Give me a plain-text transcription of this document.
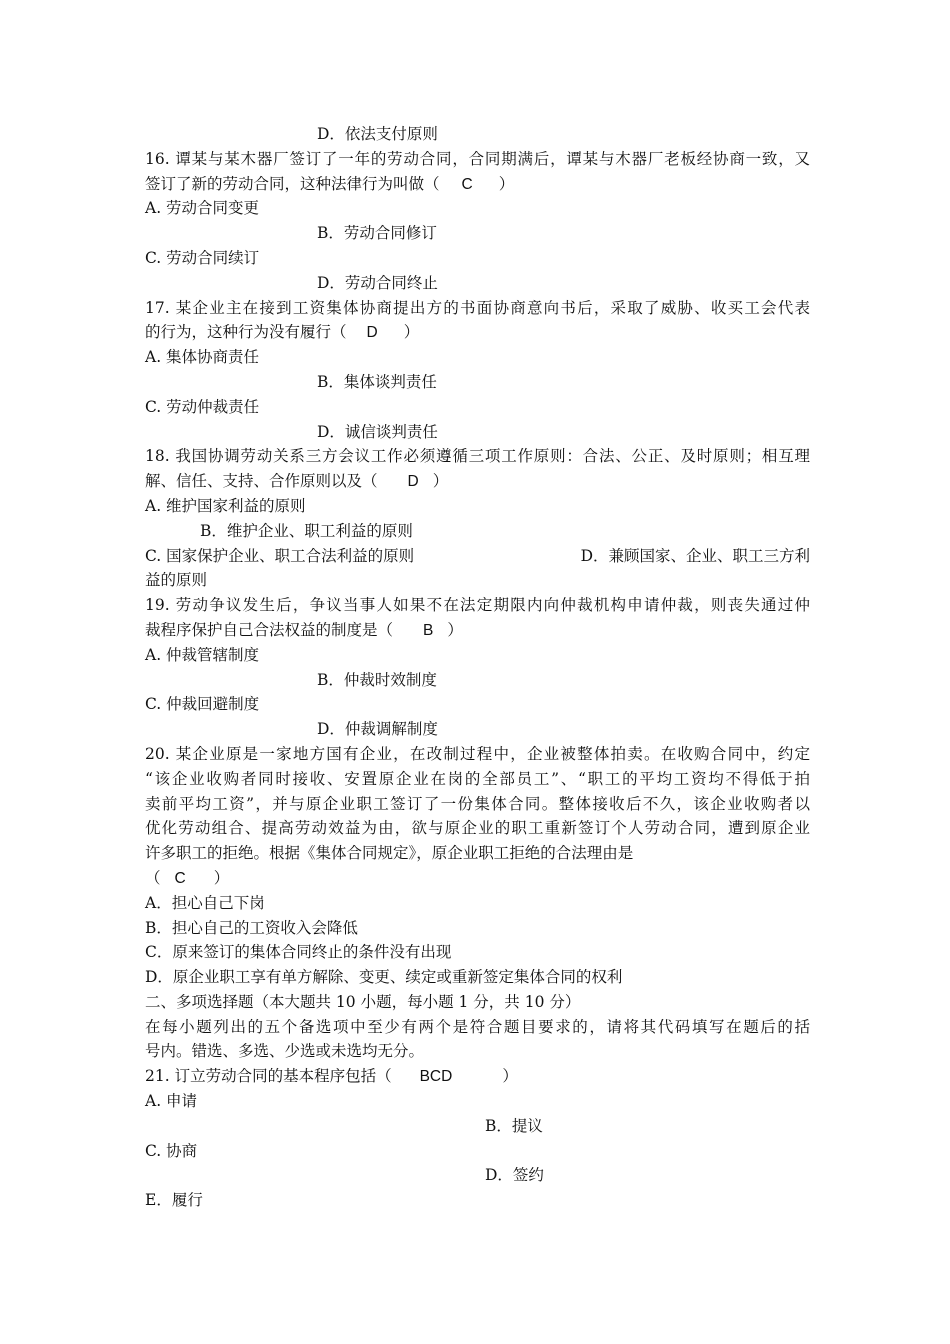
D．依法支付原则
16. 谭某与某木器厂签订了一年的劳动合同，合同期满后，谭某与木器厂老板经协商一致，又
签订了新的劳动合同，这种法律行为叫做（ C ）
A. 劳动合同变更
B．劳动合同修订
C. 劳动合同续订
D．劳动合同终止
17. 某企业主在接到工资集体协商提出方的书面协商意向书后，采取了威胁、收买工会代表
的行为，这种行为没有履行（ D ）
A. 集体协商责任
B．集体谈判责任
C. 劳动仲裁责任
D．诚信谈判责任
18. 我国协调劳动关系三方会议工作必须遵循三项工作原则：合法、公正、及时原则；相互理
解、信任、支持、合作原则以及（ D ）
A. 维护国家利益的原则
B．维护企业、职工利益的原则
C. 国家保护企业、职工合法利益的原则	D．兼顾国家、企业、职工三方利
益的原则
19. 劳动争议发生后，争议当事人如果不在法定期限内向仲裁机构申请仲裁，则丧失通过仲
裁程序保护自己合法权益的制度是（ B ）
A. 仲裁管辖制度
B．仲裁时效制度
C. 仲裁回避制度
D．仲裁调解制度
20. 某企业原是一家地方国有企业，在改制过程中，企业被整体拍卖。在收购合同中，约定
“该企业收购者同时接收、安置原企业在岗的全部员工”、“职工的平均工资均不得低于拍
卖前平均工资”，并与原企业职工签订了一份集体合同。整体接收后不久，该企业收购者以
优化劳动组合、提高劳动效益为由，欲与原企业的职工重新签订个人劳动合同，遭到原企业
许多职工的拒绝。根据《集体合同规定》，原企业职工拒绝的合法理由是
（ C ）
A．担心自己下岗
B．担心自己的工资收入会降低
C．原来签订的集体合同终止的条件没有出现
D．原企业职工享有单方解除、变更、续定或重新签定集体合同的权利
二、多项选择题（本大题共 10 小题，每小题 1 分，共 10 分）
在每小题列出的五个备选项中至少有两个是符合题目要求的，请将其代码填写在题后的括
号内。错选、多选、少选或未选均无分。
21. 订立劳动合同的基本程序包括（ BCD	）
A. 申请
B．提议
C. 协商
D．签约
E．履行
